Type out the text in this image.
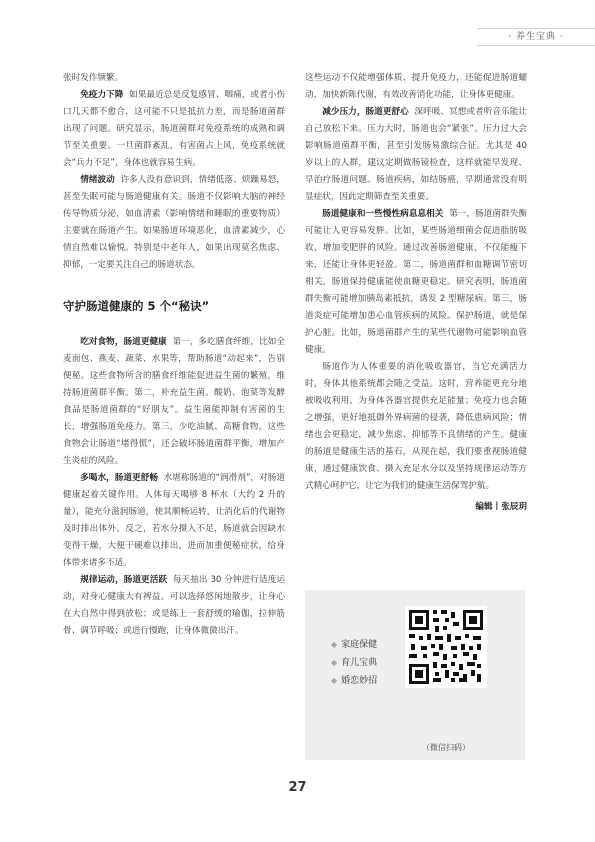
· 养生宝典 ·

张时发作频繁。

免疫力下降 如果最近总是反复感冒、咽痛，或者小伤口几天都不愈合，这可能不只是抵抗力差，而是肠道菌群出现了问题。研究显示，肠道菌群对免疫系统的成熟和调节至关重要。一旦菌群紊乱，有害菌占上风，免疫系统就会“兵力不足”，身体也就容易生病。

情绪波动 许多人没有意识到，情绪低落、烦躁易怒，甚至失眠可能与肠道健康有关。肠道不仅影响大脑的神经传导物质分泌，如血清素（影响情绪和睡眠的重要物质）主要就在肠道产生。如果肠道环境恶化，血清素减少，心情自然难以愉悦。特别是中老年人，如果出现莫名焦虑、抑郁，一定要关注自己的肠道状态。

守护肠道健康的 5 个“秘诀”

吃对食物，肠道更健康 第一，多吃膳食纤维，比如全麦面包、燕麦、蔬菜、水果等，帮助肠道“动起来”，告别便秘。这些食物所含的膳食纤维能促进益生菌的繁殖，维持肠道菌群平衡。第二，补充益生菌。酸奶、泡菜等发酵食品是肠道菌群的“好朋友”。益生菌能抑制有害菌的生长，增强肠道免疫力。第三，少吃油腻、高糖食物。这些食物会让肠道“堵得慌”，还会破坏肠道菌群平衡，增加产生炎症的风险。

多喝水，肠道更舒畅 水堪称肠道的“润滑剂”，对肠道健康起着关键作用。人体每天喝够 8 杯水（大约 2 升的量），能充分滋润肠道，使其顺畅运转，让消化后的代谢物及时排出体外。反之，若水分摄入不足，肠道就会因缺水变得干燥，大便干硬难以排出，进而加重便秘症状，给身体带来诸多不适。

规律运动，肠道更活跃 每天抽出 30 分钟进行适度运动，对身心健康大有裨益。可以选择悠闲地散步，让身心在大自然中得到放松；或是练上一套舒缓的瑜伽，拉伸筋骨、调节呼吸；或进行慢跑，让身体微微出汗。

这些运动不仅能增强体质、提升免疫力，还能促进肠道蠕动，加快新陈代谢，有效改善消化功能，让身体更健康。

减少压力，肠道更舒心 深呼吸、冥想或者听音乐能让自己放松下来。压力大时，肠道也会“紧张”。压力过大会影响肠道菌群平衡，甚至引发肠易激综合征。尤其是 40 岁以上的人群，建议定期做肠镜检查，这样就能早发现、早治疗肠道问题。肠道疾病，如结肠癌，早期通常没有明显症状，因此定期筛查至关重要。

肠道健康和一些慢性病息息相关 第一，肠道菌群失衡可能让人更容易发胖。比如，某些肠道细菌会促进脂肪吸收，增加变肥胖的风险。通过改善肠道健康，不仅能瘦下来，还能让身体更轻盈。第二，肠道菌群和血糖调节密切相关，肠道保持健康能使血糖更稳定。研究表明，肠道菌群失衡可能增加胰岛素抵抗，诱发 2 型糖尿病。第三，肠道炎症可能增加患心血管疾病的风险。保护肠道，就是保护心脏。比如，肠道菌群产生的某些代谢物可能影响血管健康。

肠道作为人体重要的消化吸收器官，当它充满活力时，身体其他系统都会随之受益。这时，营养能更充分地被吸收利用，为身体各器官提供充足能量；免疫力也会随之增强，更好地抵御外界病菌的侵袭，降低患病风险；情绪也会更稳定，减少焦虑、抑郁等不良情绪的产生。健康的肠道是健康生活的基石，从现在起，我们要重视肠道健康，通过健康饮食、摄入充足水分以及坚持规律运动等方式精心呵护它，让它为我们的健康生活保驾护航。

编辑丨张辰玥
◆ 家庭保健
◆ 育儿宝典
◆ 婚恋妙招
（微信扫码）
27
